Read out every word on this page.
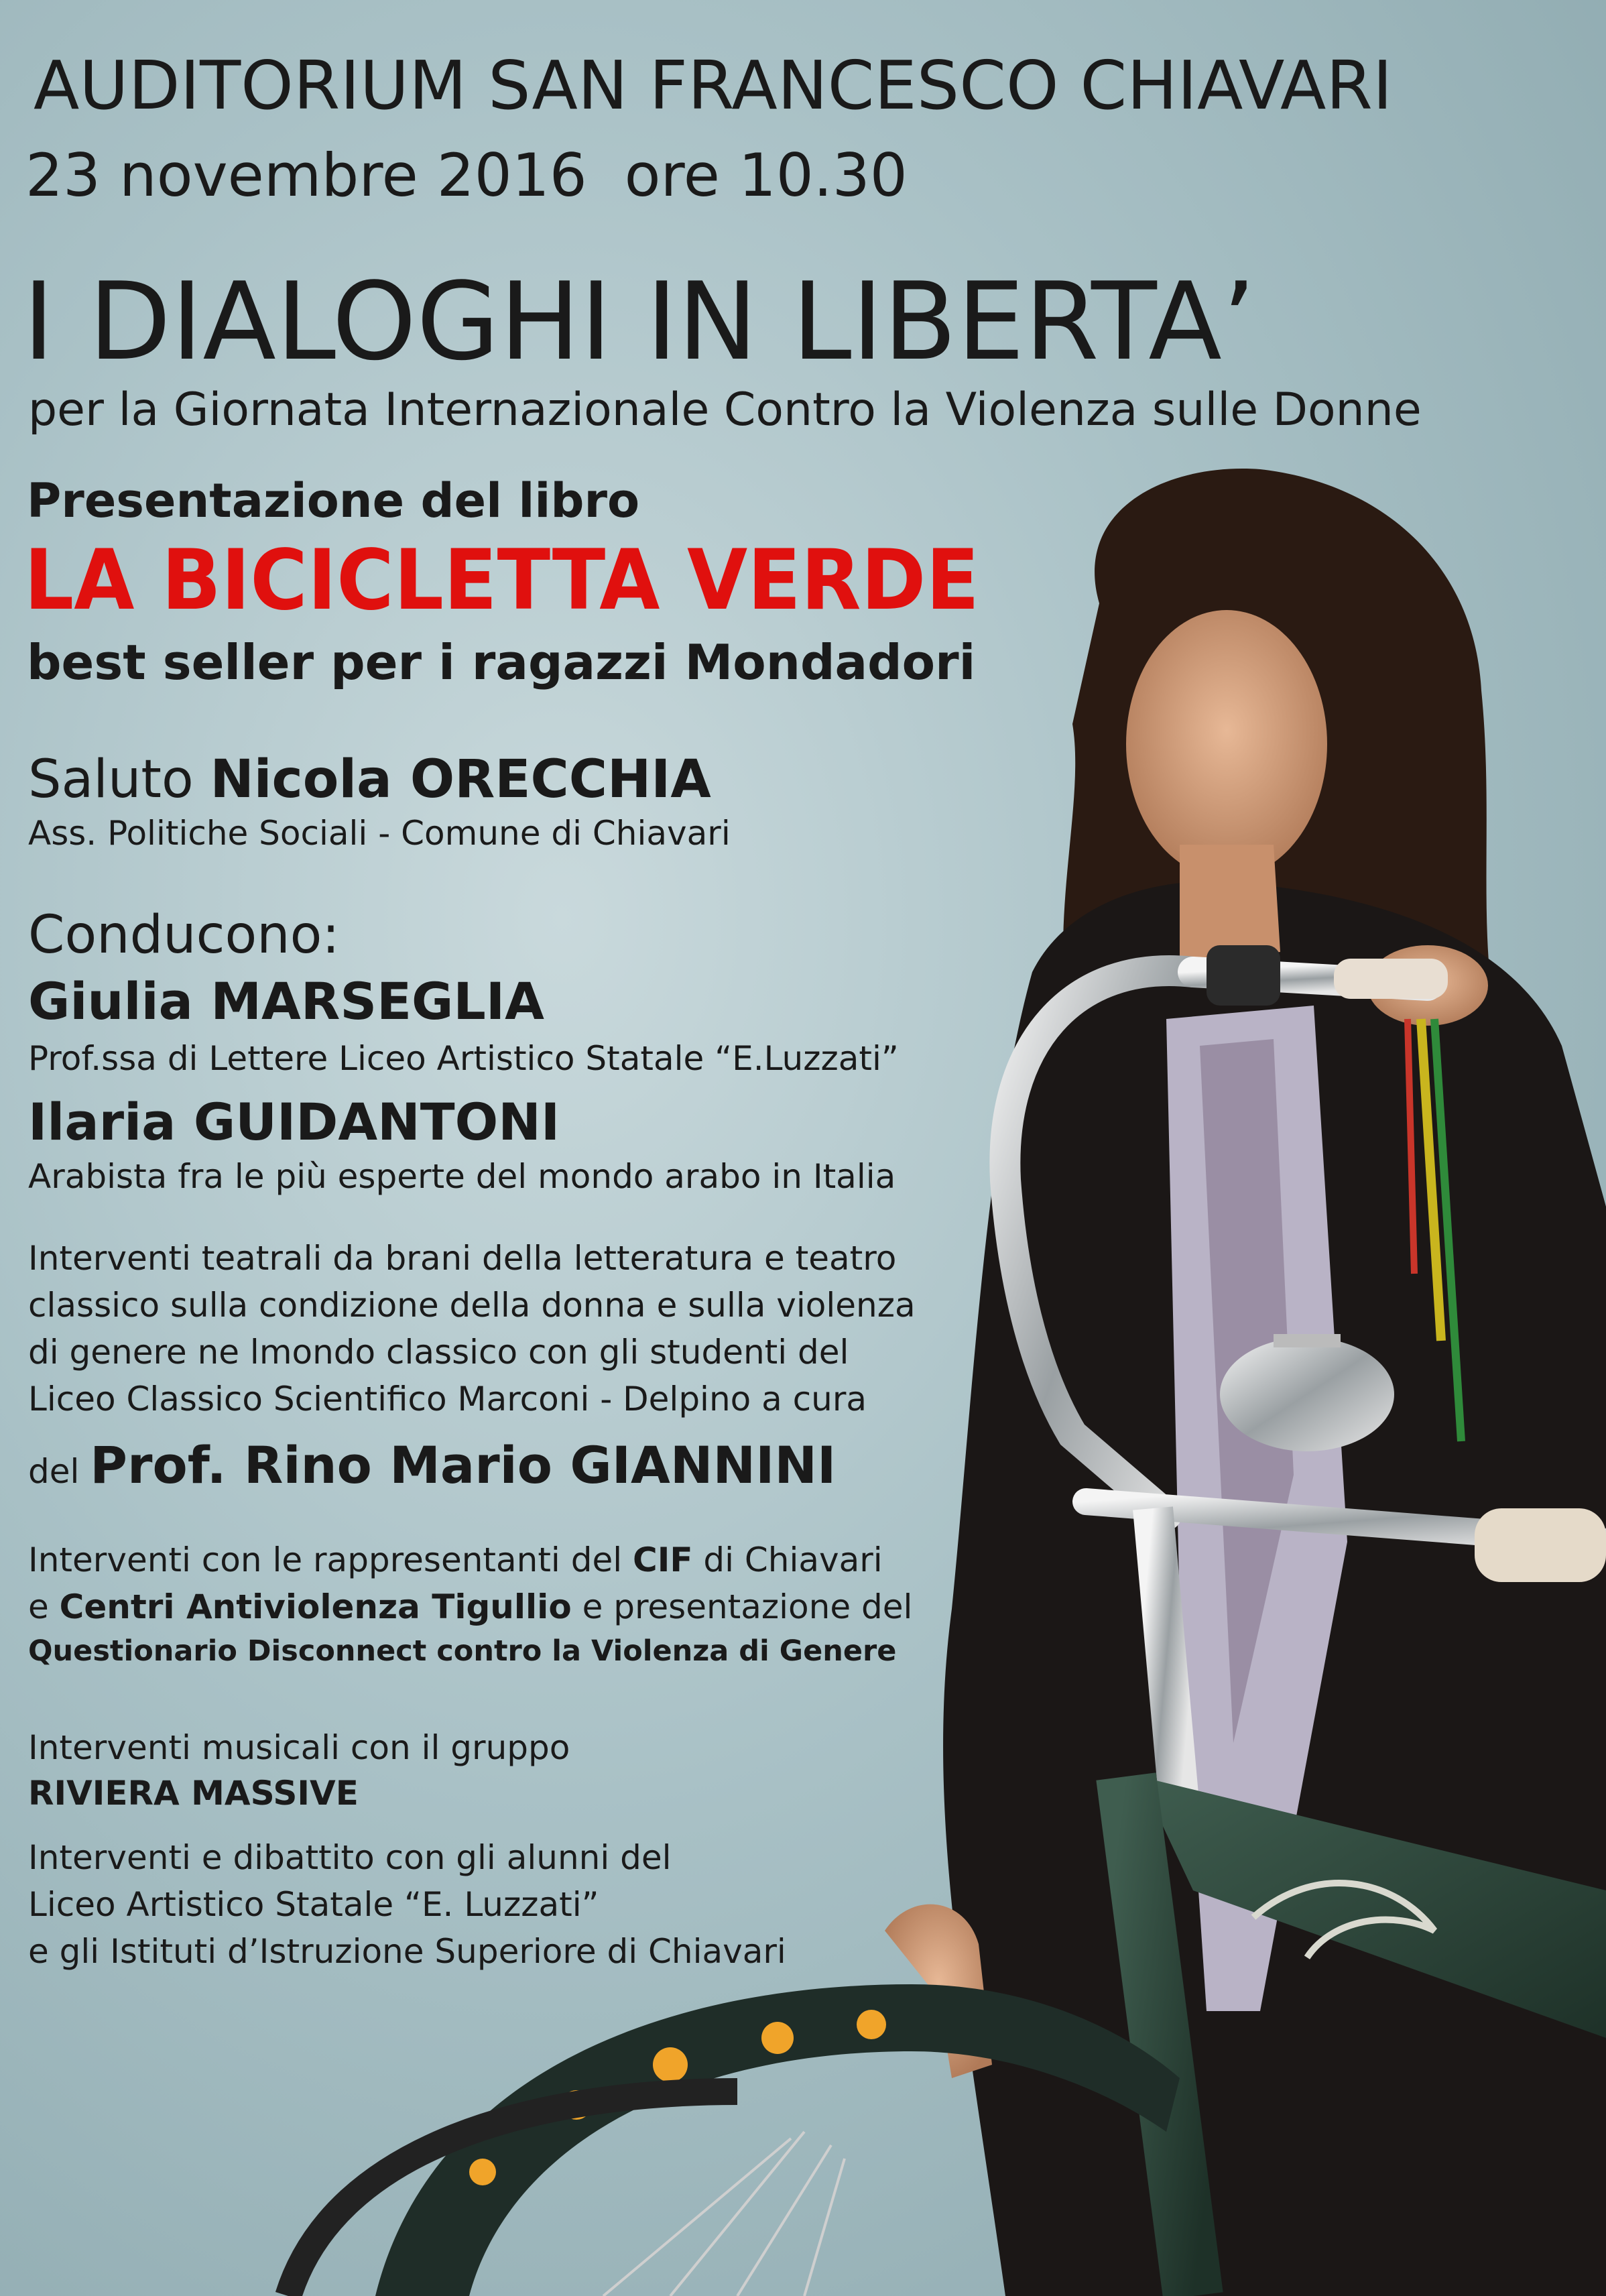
AUDITORIUM SAN FRANCESCO CHIAVARI
23 novembre 2016  ore 10.30
I DIALOGHI IN LIBERTA’
per la Giornata Internazionale Contro la Violenza sulle Donne
Presentazione del libro
LA BICICLETTA VERDE
best seller per i ragazzi Mondadori
Saluto Nicola ORECCHIA
Ass. Politiche Sociali - Comune di Chiavari
Conducono:
Giulia MARSEGLIA
Prof.ssa di Lettere Liceo Artistico Statale “E.Luzzati”
Ilaria GUIDANTONI
Arabista fra le più esperte del mondo arabo in Italia
Interventi teatrali da brani della letteratura e teatro
classico sulla condizione della donna e sulla violenza
di genere ne lmondo classico con gli studenti del
Liceo Classico Scientifico Marconi - Delpino a cura
del Prof. Rino Mario GIANNINI
Interventi con le rappresentanti del CIF di Chiavari
e Centri Antiviolenza Tigullio e presentazione del
Questionario Disconnect contro la Violenza di Genere
Interventi musicali con il gruppo
RIVIERA MASSIVE
Interventi e dibattito con gli alunni del
Liceo Artistico Statale “E. Luzzati”
e gli Istituti d’Istruzione Superiore di Chiavari
